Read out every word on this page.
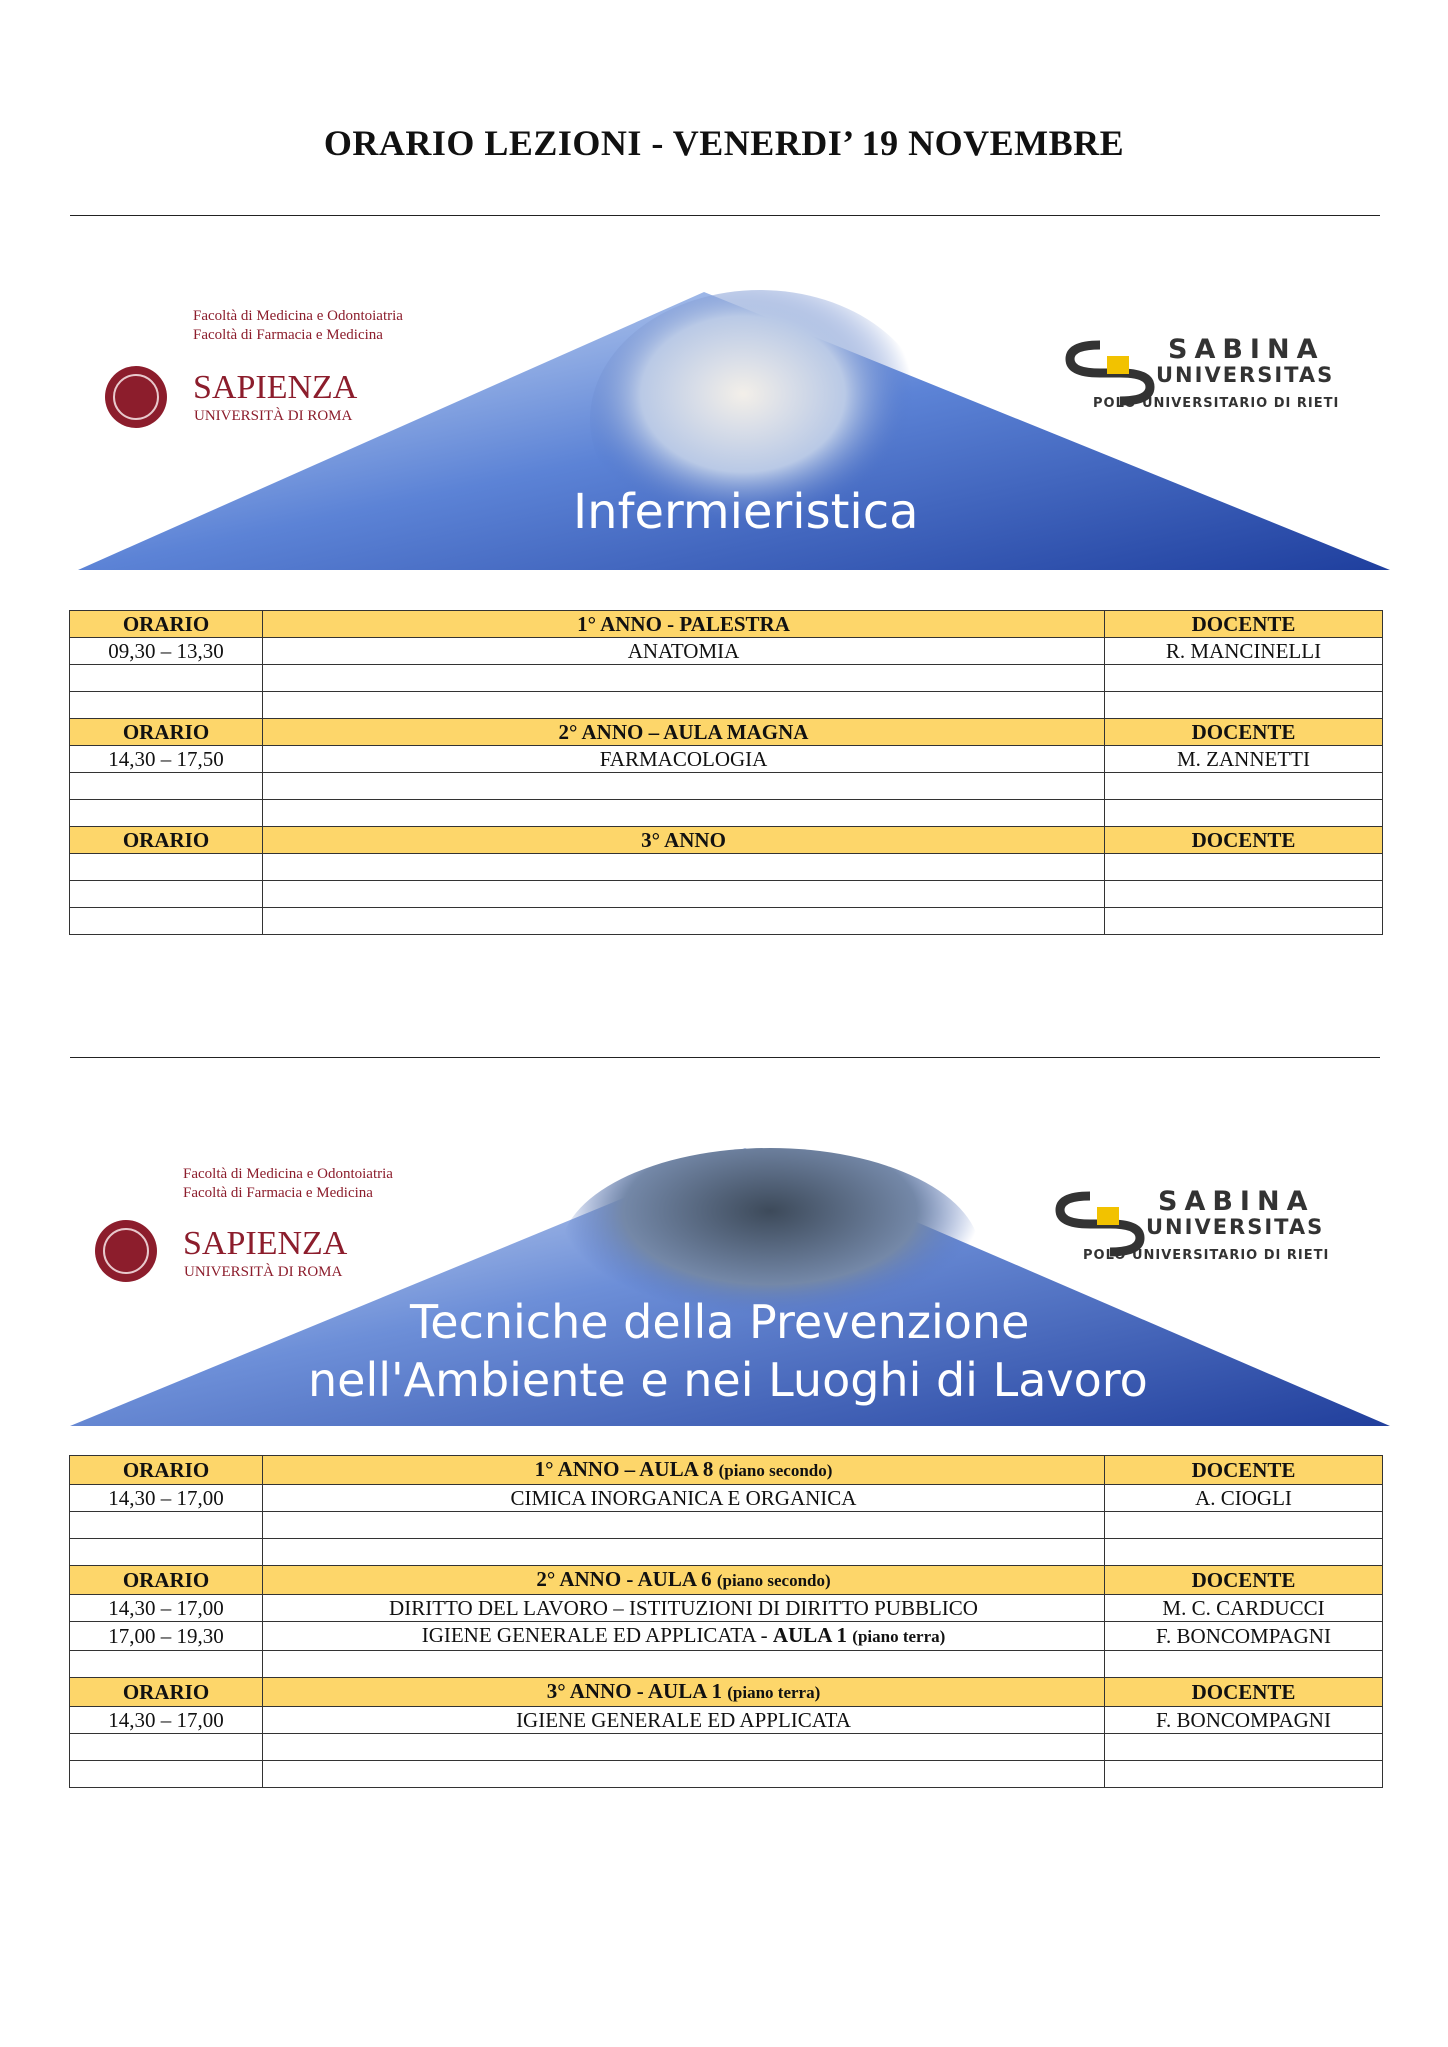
ORARIO LEZIONI - VENERDI’ 19 NOVEMBRE
Infermieristica
Facoltà di Medicina e Odontoiatria
Facoltà di Farmacia e Medicina
SAPIENZA
UNIVERSITÀ DI ROMA
SABINA
UNIVERSITAS
POLO UNIVERSITARIO DI RIETI
ORARIO	1° ANNO - PALESTRA	DOCENTE
09,30 – 13,30	ANATOMIA	R. MANCINELLI

ORARIO	2° ANNO – AULA MAGNA	DOCENTE
14,30 – 17,50	FARMACOLOGIA	M. ZANNETTI

ORARIO	3° ANNO	DOCENTE

Tecniche della Prevenzione
nell'Ambiente e nei Luoghi di Lavoro
Facoltà di Medicina e Odontoiatria
Facoltà di Farmacia e Medicina
SAPIENZA
UNIVERSITÀ DI ROMA
SABINA
UNIVERSITAS
POLO UNIVERSITARIO DI RIETI
ORARIO	1° ANNO – AULA 8 (piano secondo)	DOCENTE
14,30 – 17,00	CIMICA INORGANICA E ORGANICA	A. CIOGLI

ORARIO	2° ANNO - AULA 6 (piano secondo)	DOCENTE
14,30 – 17,00	DIRITTO DEL LAVORO – ISTITUZIONI DI DIRITTO PUBBLICO	M. C. CARDUCCI
17,00 – 19,30	IGIENE GENERALE ED APPLICATA - AULA 1 (piano terra)	F. BONCOMPAGNI

ORARIO	3° ANNO - AULA 1 (piano terra)	DOCENTE
14,30 – 17,00	IGIENE GENERALE ED APPLICATA	F. BONCOMPAGNI
